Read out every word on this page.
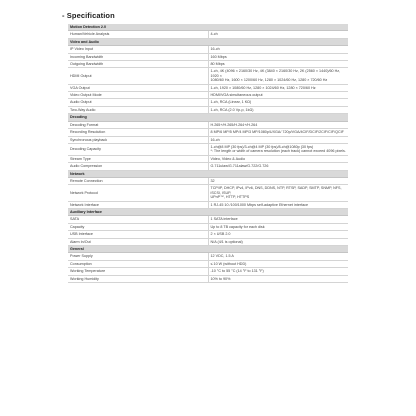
- Specification
Motion Detection 2.0	
Human/Vehicle Analysis	4-ch

Video and Audio	
IP Video Input	16-ch

Incoming Bandwidth	160 Mbps

Outgoing Bandwidth	80 Mbps

HDMI Output	1-ch, 4K (4096 × 2160/30 Hz, 4K (3840 × 2160/30 Hz, 2K (2560 × 1440)/60 Hz, 1920 ×
1080/60 Hz, 1600 × 1200/60 Hz, 1280 × 1024/60 Hz, 1280 × 720/60 Hz

VGA Output	1-ch, 1920 × 1080/60 Hz, 1280 × 1024/60 Hz, 1280 × 720/60 Hz

Video Output Mode	HDMI/VGA simultaneous output

Audio Output	1-ch, RCA (Linear, 1 KΩ)

Two-Way Audio	1-ch, RCA (2.0 Vp-p, 1kΩ)

Decoding	
Decoding Format	H.265+/H.265/H.264+/H.264

Recording Resolution	8 MP/6 MP/5 MP/4 MP/3 MP/1080p/UXGA/ 720p/VGA/4CIF/DCIF/2CIF/CIF/QCIF

Synchronous playback	16-ch

Decoding Capacity	1-ch@8 MP (30 fps)/3-ch@4 MP (30 fps)/8-ch@1080p (30 fps)
*: The length or width of camera resolution (each track) cannot exceed 4096 pixels.

Stream Type	Video, Video & Audio

Audio Compression	G.711ulaw/G.711alaw/G.722/G.726

Network	
Remote Connection	32

Network Protocol	TCP/IP, DHCP, IPv4, IPv6, DNS, DDNS, NTP, RTSP, SADP, SMTP, SNMP, NFS, iSCSI, ISUP,
UPnP™, HTTP, HTTPS

Network Interface	1 RJ-45 10 /100/1000 Mbps self-adaptive Ethernet interface

Auxiliary Interface	
SATA	1 SATA interface

Capacity	Up to 8 TB capacity for each disk

USB Interface	2 × USB 2.0

Alarm In/Out	N/A (4/1 is optional)

General	
Power Supply	12 VDC, 1.5 A

Consumption	≤ 10 W (without HDD)

Working Temperature	-10 °C to 55 °C (14 °F to 131 °F)

Working Humidity	10% to 90%
